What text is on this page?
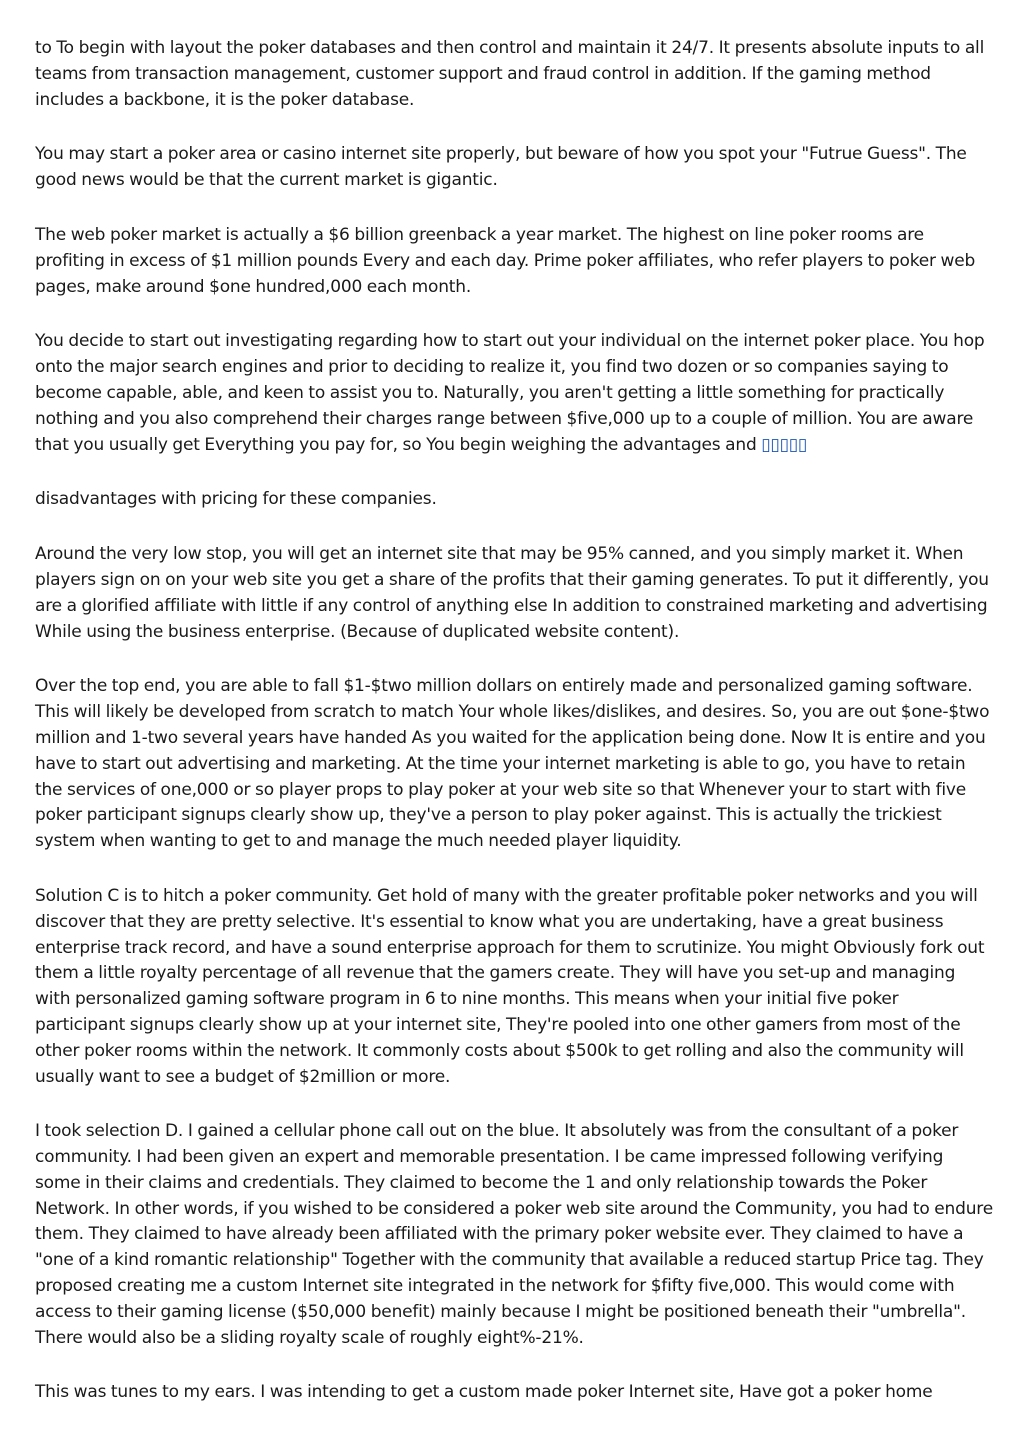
to To begin with layout the poker databases and then control and maintain it 24/7. It presents absolute inputs to all teams from transaction management, customer support and fraud control in addition. If the gaming method includes a backbone, it is the poker database.

You may start a poker area or casino internet site properly, but beware of how you spot your "Futrue Guess". The good news would be that the current market is gigantic.

The web poker market is actually a $6 billion greenback a year market. The highest on line poker rooms are profiting in excess of $1 million pounds Every and each day. Prime poker affiliates, who refer players to poker web pages, make around $one hundred,000 each month.

You decide to start out investigating regarding how to start out your individual on the internet poker place. You hop onto the major search engines and prior to deciding to realize it, you find two dozen or so companies saying to become capable, able, and keen to assist you to. Naturally, you aren't getting a little something for practically nothing and you also comprehend their charges range between $five,000 up to a couple of million. You are aware that you usually get Everything you pay for, so You begin weighing the advantages and ▯▯▯▯▯

disadvantages with pricing for these companies.

Around the very low stop, you will get an internet site that may be 95% canned, and you simply market it. When players sign on on your web site you get a share of the profits that their gaming generates. To put it differently, you are a glorified affiliate with little if any control of anything else In addition to constrained marketing and advertising While using the business enterprise. (Because of duplicated website content).

Over the top end, you are able to fall $1-$two million dollars on entirely made and personalized gaming software. This will likely be developed from scratch to match Your whole likes/dislikes, and desires. So, you are out $one-$two million and 1-two several years have handed As you waited for the application being done. Now It is entire and you have to start out advertising and marketing. At the time your internet marketing is able to go, you have to retain the services of one,000 or so player props to play poker at your web site so that Whenever your to start with five poker participant signups clearly show up, they've a person to play poker against. This is actually the trickiest system when wanting to get to and manage the much needed player liquidity.

Solution C is to hitch a poker community. Get hold of many with the greater profitable poker networks and you will discover that they are pretty selective. It's essential to know what you are undertaking, have a great business enterprise track record, and have a sound enterprise approach for them to scrutinize. You might Obviously fork out them a little royalty percentage of all revenue that the gamers create. They will have you set-up and managing with personalized gaming software program in 6 to nine months. This means when your initial five poker participant signups clearly show up at your internet site, They're pooled into one other gamers from most of the other poker rooms within the network. It commonly costs about $500k to get rolling and also the community will usually want to see a budget of $2million or more.

I took selection D. I gained a cellular phone call out on the blue. It absolutely was from the consultant of a poker community. I had been given an expert and memorable presentation. I be came impressed following verifying some in their claims and credentials. They claimed to become the 1 and only relationship towards the Poker Network. In other words, if you wished to be considered a poker web site around the Community, you had to endure them. They claimed to have already been affiliated with the primary poker website ever. They claimed to have a "one of a kind romantic relationship" Together with the community that available a reduced startup Price tag. They proposed creating me a custom Internet site integrated in the network for $fifty five,000. This would come with access to their gaming license ($50,000 benefit) mainly because I might be positioned beneath their "umbrella". There would also be a sliding royalty scale of roughly eight%-21%.

This was tunes to my ears. I was intending to get a custom made poker Internet site, Have got a poker home
